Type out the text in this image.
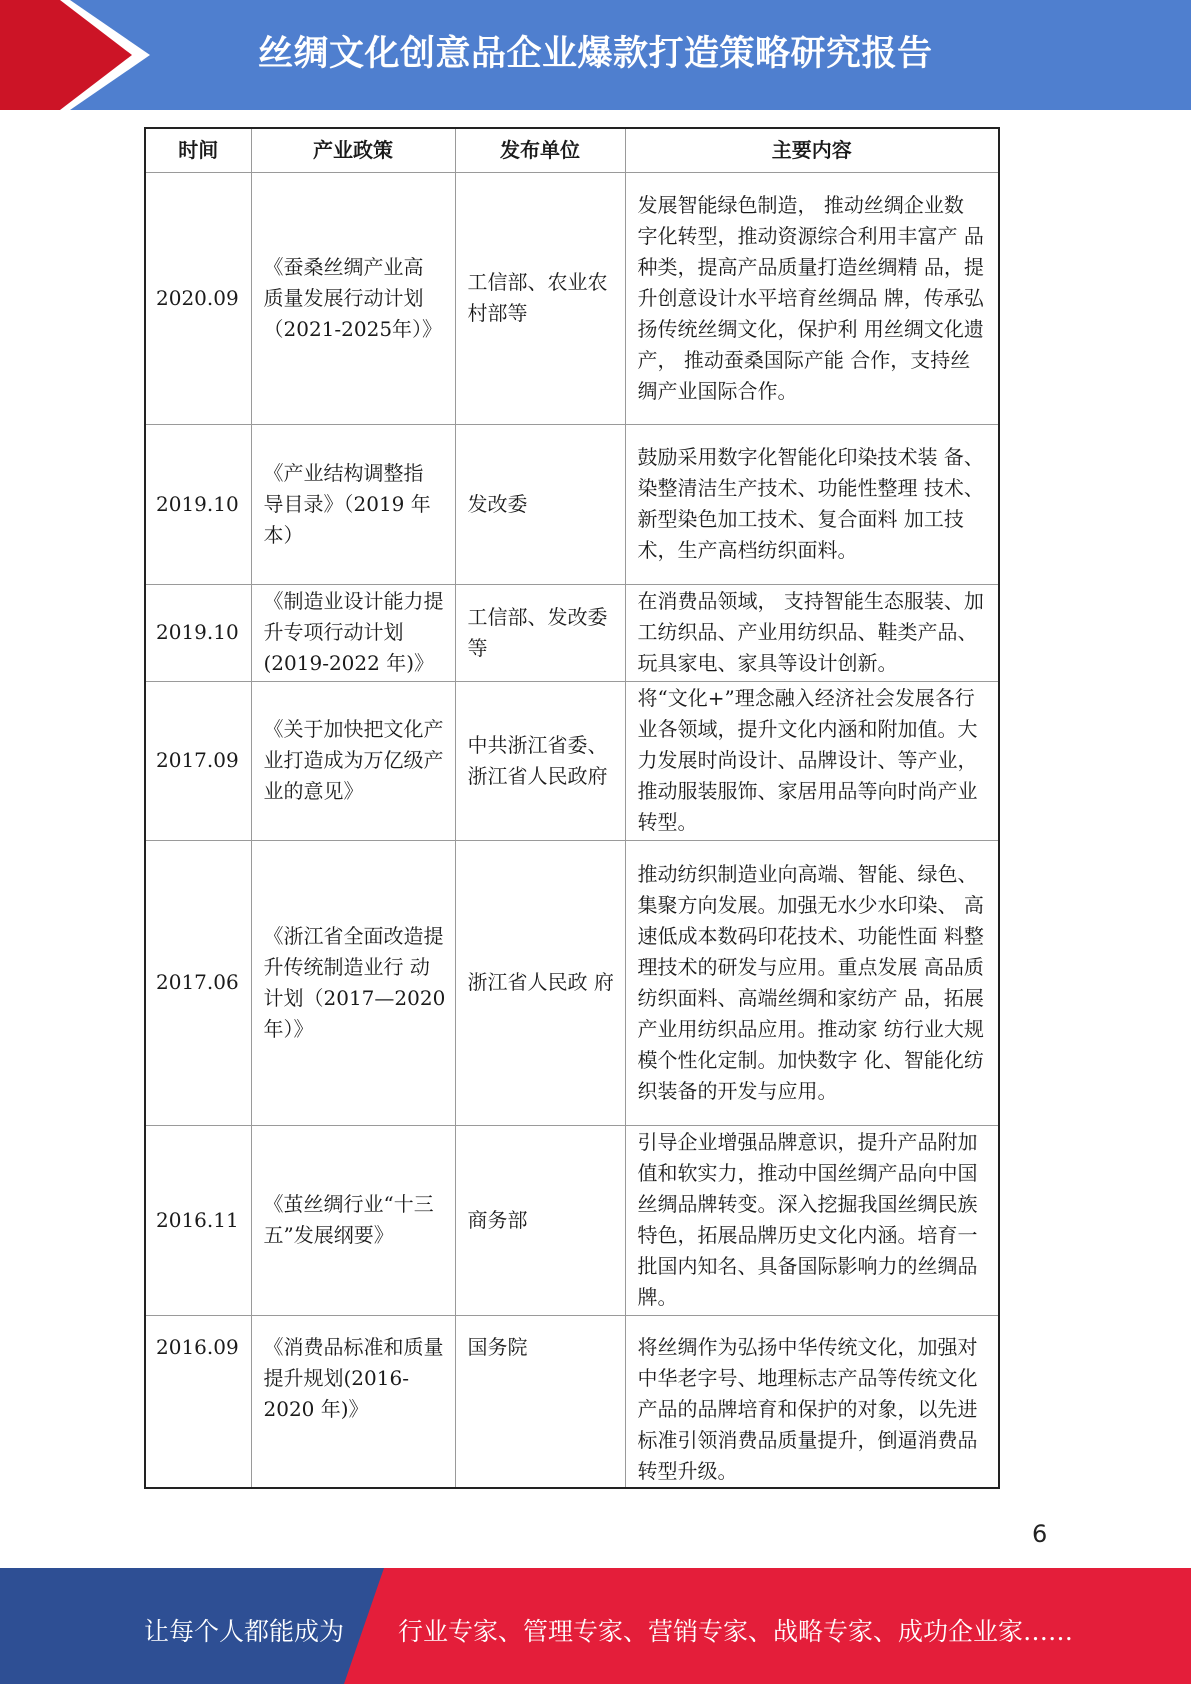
丝绸文化创意品企业爆款打造策略研究报告
时间	产业政策	发布单位	主要内容
2020.09	《蚕桑丝绸产业高 质量发展行动计划（2021-2025年）》	工信部、农业农村部等	发展智能绿色制造， 推动丝绸企业数 字化转型，推动资源综合利用丰富产 品种类，提高产品质量打造丝绸精 品，提升创意设计水平培育丝绸品 牌，传承弘扬传统丝绸文化，保护利 用丝绸文化遗产， 推动蚕桑国际产能 合作，支持丝绸产业国际合作。
2019.10	《产业结构调整指 导目录》（2019 年 本）	发改委	鼓励采用数字化智能化印染技术装 备、染整清洁生产技术、功能性整理 技术、新型染色加工技术、复合面料 加工技术，生产高档纺织面料。
2019.10	《制造业设计能力提升专项行动计划(2019-2022 年)》	工信部、发改委等	在消费品领域， 支持智能生态服装、加工纺织品、产业用纺织品、鞋类产品、玩具家电、家具等设计创新。
2017.09	《关于加快把文化产业打造成为万亿级产业的意见》	中共浙江省委、浙江省人民政府	将“文化+”理念融入经济社会发展各行 业各领域，提升文化内涵和附加值。大 力发展时尚设计、品牌设计、等产业， 推动服装服饰、家居用品等向时尚产业 转型。
2017.06	《浙江省全面改造提升传统制造业行 动计划（2017—2020 年）》	浙江省人民政 府	推动纺织制造业向高端、智能、绿色、 集聚方向发展。加强无水少水印染、 高速低成本数码印花技术、功能性面 料整理技术的研发与应用。重点发展 高品质纺织面料、高端丝绸和家纺产 品，拓展产业用纺织品应用。推动家 纺行业大规模个性化定制。加快数字 化、智能化纺织装备的开发与应用。
2016.11	《茧丝绸行业“十三五”发展纲要》	商务部	引导企业增强品牌意识，提升产品附加值和软实力，推动中国丝绸产品向中国丝绸品牌转变。深入挖掘我国丝绸民族特色，拓展品牌历史文化内涵。培育一批国内知名、具备国际影响力的丝绸品牌。
2016.09	《消费品标准和质量提升规划(2016-2020 年)》	国务院	将丝绸作为弘扬中华传统文化，加强对中华老字号、地理标志产品等传统文化产品的品牌培育和保护的对象，以先进标准引领消费品质量提升，倒逼消费品转型升级。
6
让每个人都能成为 行业专家、管理专家、营销专家、战略专家、成功企业家……
